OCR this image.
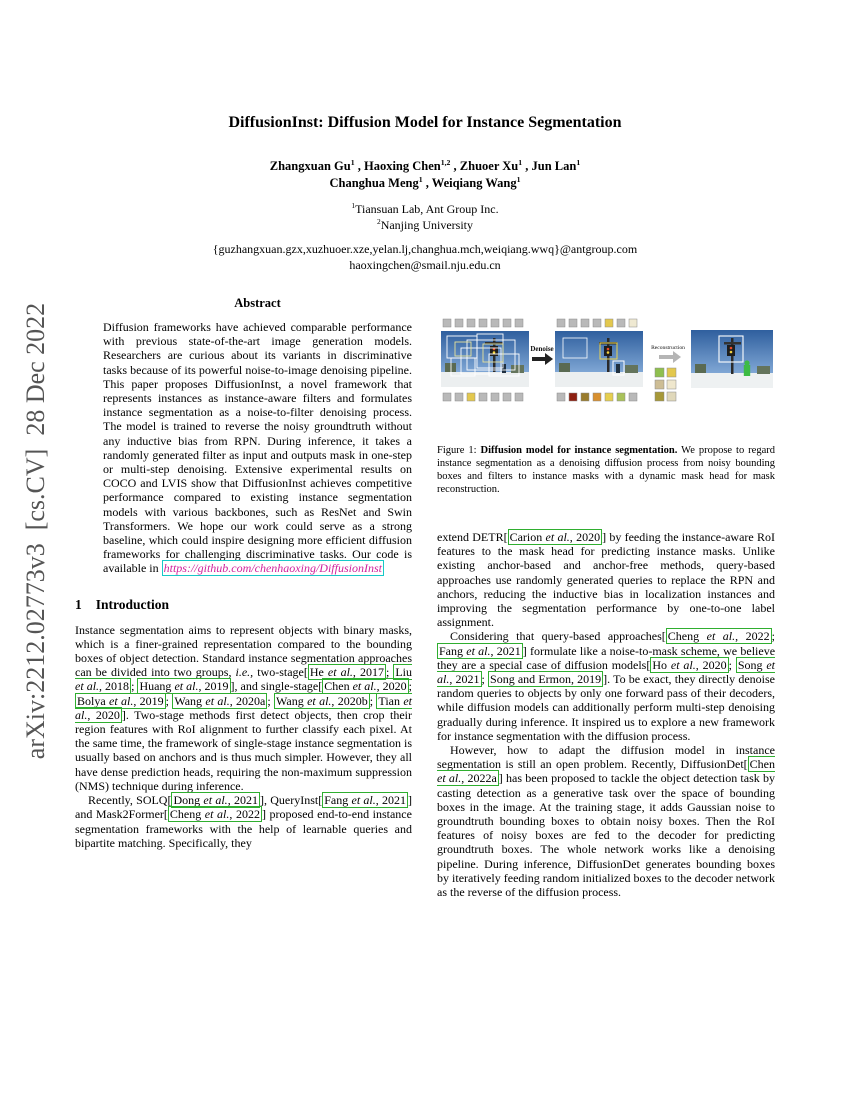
arXiv:2212.02773v3  [cs.CV]  28 Dec 2022
DiffusionInst: Diffusion Model for Instance Segmentation
Zhangxuan Gu$^1$ , Haoxing Chen$^{1,2}$ , Zhuoer Xu$^1$ , Jun Lan$^1$
Changhua Meng$^1$ , Weiqiang Wang$^1$
$^1$Tiansuan Lab, Ant Group Inc.
$^2$Nanjing University
{guzhangxuan.gzx,xuzhuoer.xze,yelan.lj,changhua.mch,weiqiang.wwq}@antgroup.com
haoxingchen@smail.nju.edu.cn
Abstract

Diffusion frameworks have achieved comparable performance with previous state-of-the-art image generation models. Researchers are curious about its variants in discriminative tasks because of its powerful noise-to-image denoising pipeline. This paper proposes DiffusionInst, a novel framework that represents instances as instance-aware filters and formulates instance segmentation as a noise-to-filter denoising process. The model is trained to reverse the noisy groundtruth without any inductive bias from RPN. During inference, it takes a randomly generated filter as input and outputs mask in one-step or multi-step denoising. Extensive experimental results on COCO and LVIS show that DiffusionInst achieves competitive performance compared to existing instance segmentation models with various backbones, such as ResNet and Swin Transformers. We hope our work could serve as a strong baseline, which could inspire designing more efficient diffusion frameworks for challenging discriminative tasks. Our code is available in https://github.com/chenhaoxing/DiffusionInst

1 Introduction

Instance segmentation aims to represent objects with binary masks, which is a finer-grained representation compared to the bounding boxes of object detection. Standard instance segmentation approaches can be divided into two groups, i.e., two-stage[ He et al., 2017 ; Liu et al., 2018 ; Huang et al., 2019 ], and single-stage[ Chen et al., 2020 ; Bolya et al., 2019 ; Wang et al., 2020a ; Wang et al., 2020b ; Tian et al., 2020 ]. Two-stage methods first detect objects, then crop their region features with RoI alignment to further classify each pixel. At the same time, the framework of single-stage instance segmentation is usually based on anchors and is thus much simpler. However, they all have dense prediction heads, requiring the non-maximum suppression (NMS) technique during inference.

Recently, SOLQ[ Dong et al., 2021 ], QueryInst[ Fang et al., 2021 ] and Mask2Former[ Cheng et al., 2022 ] proposed end-to-end instance segmentation frameworks with the help of learnable queries and bipartite matching. Specifically, they

Denoise	Reconstruction
Figure 1: Diffusion model for instance segmentation. We propose to regard instance segmentation as a denoising diffusion process from noisy bounding boxes and filters to instance masks with a dynamic mask head for mask reconstruction.

extend DETR[ Carion et al., 2020 ] by feeding the instance-aware RoI features to the mask head for predicting instance masks. Unlike existing anchor-based and anchor-free methods, query-based approaches use randomly generated queries to replace the RPN and anchors, reducing the inductive bias in localization instances and improving the segmentation performance by one-to-one label assignment.

Considering that query-based approaches[ Cheng et al., 2022 ; Fang et al., 2021 ] formulate like a noise-to-mask scheme, we believe they are a special case of diffusion models[ Ho et al., 2020 ; Song et al., 2021 ; Song and Ermon, 2019 ]. To be exact, they directly denoise random queries to objects by only one forward pass of their decoders, while diffusion models can additionally perform multi-step denoising gradually during inference. It inspired us to explore a new framework for instance segmentation with the diffusion process.

However, how to adapt the diffusion model in instance segmentation is still an open problem. Recently, DiffusionDet[ Chen et al., 2022a ] has been proposed to tackle the object detection task by casting detection as a generative task over the space of bounding boxes in the image. At the training stage, it adds Gaussian noise to groundtruth bounding boxes to obtain noisy boxes. Then the RoI features of noisy boxes are fed to the decoder for predicting groundtruth boxes. The whole network works like a denoising pipeline. During inference, DiffusionDet generates bounding boxes by iteratively feeding random initialized boxes to the decoder network as the reverse of the diffusion process.
